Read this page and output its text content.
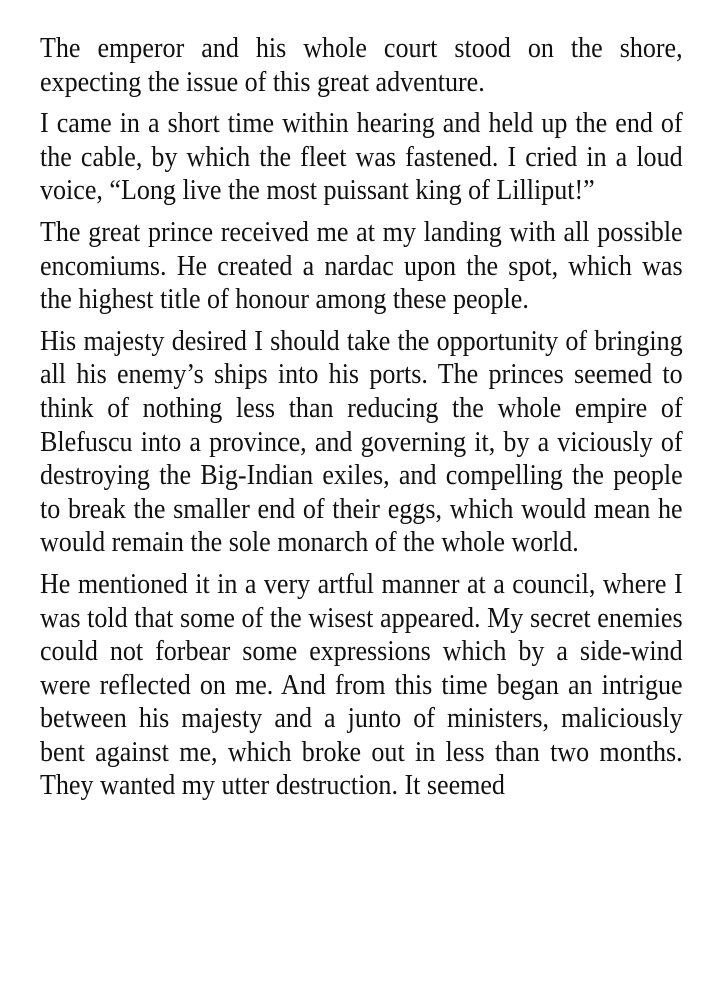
The emperor and his whole court stood on the shore, expecting the issue of this great adventure.

I came in a short time within hearing and held up the end of the cable, by which the fleet was fastened. I cried in a loud voice, “Long live the most puissant king of Lilliput!”

The great prince received me at my landing with all possible encomiums. He created a nardac upon the spot, which was the highest title of honour among these people.

His majesty desired I should take the opportunity of bringing all his enemy’s ships into his ports. The princes seemed to think of nothing less than reducing the whole empire of Blefuscu into a province, and governing it, by a viciously of destroying the Big-Indian exiles, and compelling the people to break the smaller end of their eggs, which would mean he would remain the sole monarch of the whole world.

He mentioned it in a very artful manner at a council, where I was told that some of the wisest appeared. My secret enemies could not forbear some expressions which by a side-wind were reflected on me. And from this time began an intrigue between his majesty and a junto of ministers, maliciously bent against me, which broke out in less than two months. They wanted my utter destruction. It seemed
